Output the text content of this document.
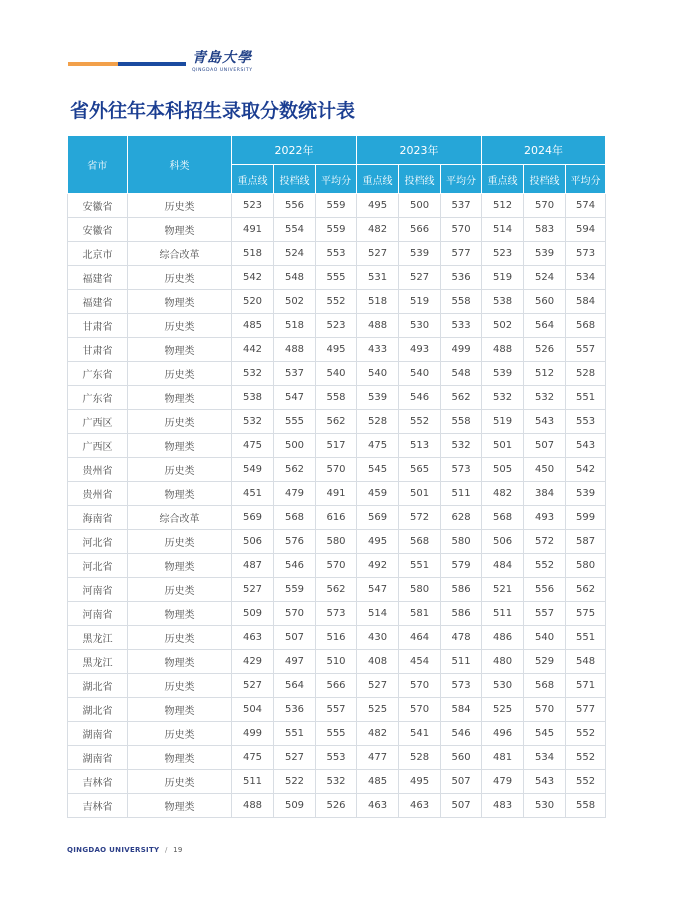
青島大學
QINGDAO UNIVERSITY
省外往年本科招生录取分数统计表
省市	科类	2022年			2023年			2024年		
		重点线	投档线	平均分	重点线	投档线	平均分	重点线	投档线	平均分
安徽省	历史类	523	556	559	495	500	537	512	570	574
安徽省	物理类	491	554	559	482	566	570	514	583	594
北京市	综合改革	518	524	553	527	539	577	523	539	573
福建省	历史类	542	548	555	531	527	536	519	524	534
福建省	物理类	520	502	552	518	519	558	538	560	584
甘肃省	历史类	485	518	523	488	530	533	502	564	568
甘肃省	物理类	442	488	495	433	493	499	488	526	557
广东省	历史类	532	537	540	540	540	548	539	512	528
广东省	物理类	538	547	558	539	546	562	532	532	551
广西区	历史类	532	555	562	528	552	558	519	543	553
广西区	物理类	475	500	517	475	513	532	501	507	543
贵州省	历史类	549	562	570	545	565	573	505	450	542
贵州省	物理类	451	479	491	459	501	511	482	384	539
海南省	综合改革	569	568	616	569	572	628	568	493	599
河北省	历史类	506	576	580	495	568	580	506	572	587
河北省	物理类	487	546	570	492	551	579	484	552	580
河南省	历史类	527	559	562	547	580	586	521	556	562
河南省	物理类	509	570	573	514	581	586	511	557	575
黑龙江	历史类	463	507	516	430	464	478	486	540	551
黑龙江	物理类	429	497	510	408	454	511	480	529	548
湖北省	历史类	527	564	566	527	570	573	530	568	571
湖北省	物理类	504	536	557	525	570	584	525	570	577
湖南省	历史类	499	551	555	482	541	546	496	545	552
湖南省	物理类	475	527	553	477	528	560	481	534	552
吉林省	历史类	511	522	532	485	495	507	479	543	552
吉林省	物理类	488	509	526	463	463	507	483	530	558
QINGDAO UNIVERSITY / 19
